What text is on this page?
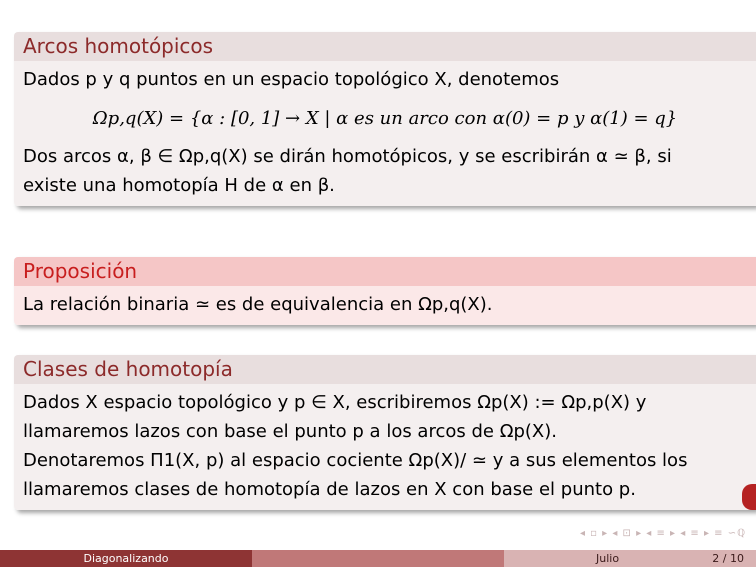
Arcos homotópicos
Dados p y q puntos en un espacio topológico X, denotemos
Ωp,q(X) = {α : [0, 1] → X | α es un arco con α(0) = p y α(1) = q}
Dos arcos α, β ∈ Ωp,q(X) se dirán homotópicos, y se escribirán α ≃ β, si
existe una homotopía H de α en β.
Proposición
La relación binaria ≃ es de equivalencia en Ωp,q(X).
Clases de homotopía
Dados X espacio topológico y p ∈ X, escribiremos Ωp(X) := Ωp,p(X) y
llamaremos lazos con base el punto p a los arcos de Ωp(X).
Denotaremos Π1(X, p) al espacio cociente Ωp(X)/ ≃ y a sus elementos los
llamaremos clases de homotopía de lazos en X con base el punto p.
◂ ▫ ▸ ◂ ⊡ ▸ ◂ ≡ ▸ ◂ ≡ ▸ ≡ ∽ℚ
Diagonalizando	Julio	2 / 10
